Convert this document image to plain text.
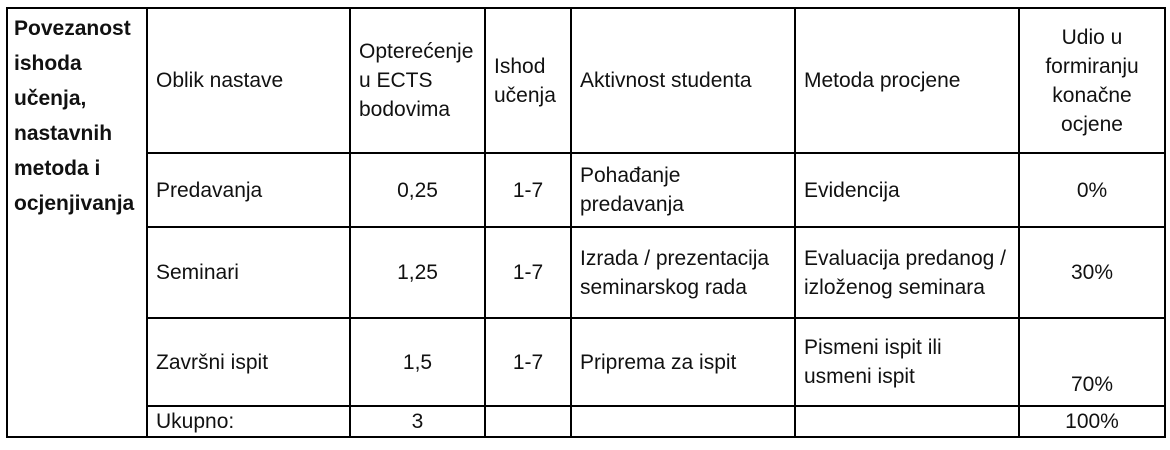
Povezanost ishoda učenja, nastavnih metoda i ocjenjivanja	Oblik nastave	Opterećenje u ECTS bodovima	Ishod učenja	Aktivnost studenta	Metoda procjene	Udio u formiranju konačne ocjene
	Predavanja	0,25	1-7	Pohađanje predavanja	Evidencija	0%
	Seminari	1,25	1-7	Izrada / prezentacija seminarskog rada	Evaluacija predanog / izloženog seminara	30%
	Završni ispit	1,5	1-7	Priprema za ispit	Pismeni ispit ili usmeni ispit	70%
	Ukupno:	3				100%
